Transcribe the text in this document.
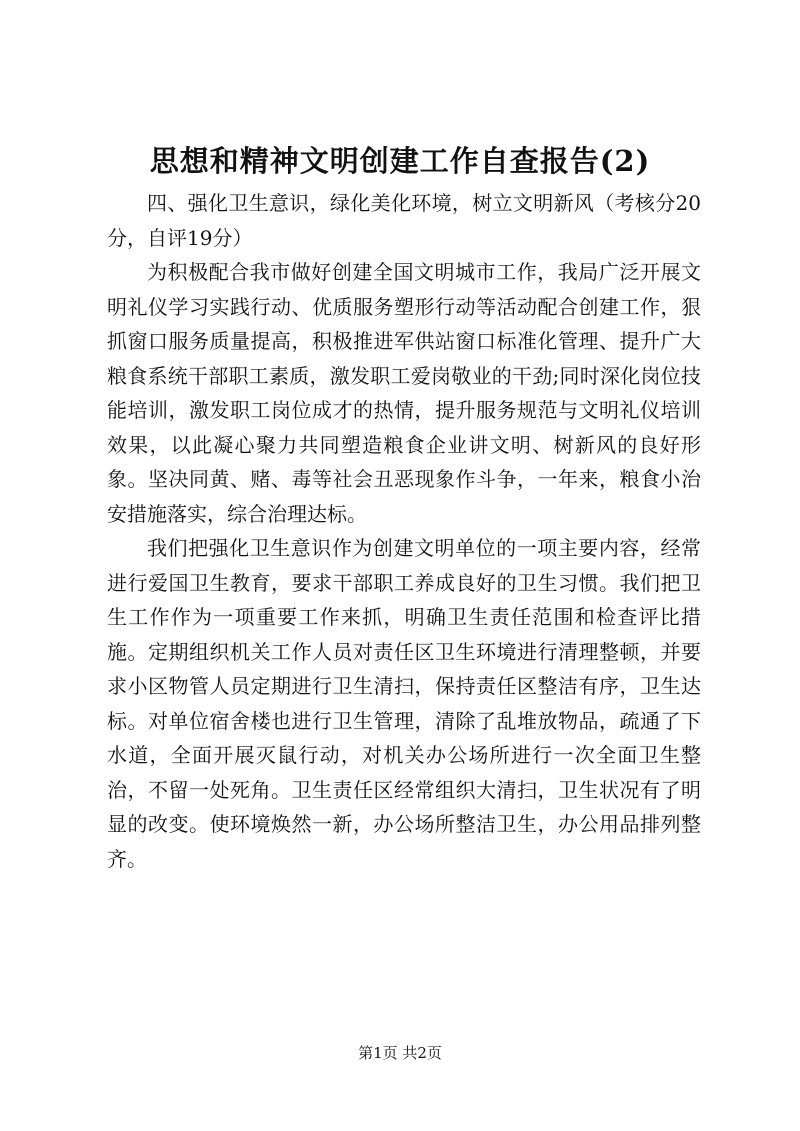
思想和精神文明创建工作自查报告(2)

四、强化卫生意识，绿化美化环境，树立文明新风（考核分20分，自评19分）

为积极配合我市做好创建全国文明城市工作，我局广泛开展文明礼仪学习实践行动、优质服务塑形行动等活动配合创建工作，狠抓窗口服务质量提高，积极推进军供站窗口标准化管理、提升广大粮食系统干部职工素质，激发职工爱岗敬业的干劲;同时深化岗位技能培训，激发职工岗位成才的热情，提升服务规范与文明礼仪培训效果，以此凝心聚力共同塑造粮食企业讲文明、树新风的良好形象。坚决同黄、赌、毒等社会丑恶现象作斗争，一年来，粮食小治安措施落实，综合治理达标。

我们把强化卫生意识作为创建文明单位的一项主要内容，经常进行爱国卫生教育，要求干部职工养成良好的卫生习惯。我们把卫生工作作为一项重要工作来抓，明确卫生责任范围和检查评比措施。定期组织机关工作人员对责任区卫生环境进行清理整顿，并要求小区物管人员定期进行卫生清扫，保持责任区整洁有序，卫生达标。对单位宿舍楼也进行卫生管理，清除了乱堆放物品，疏通了下水道，全面开展灭鼠行动，对机关办公场所进行一次全面卫生整治，不留一处死角。卫生责任区经常组织大清扫，卫生状况有了明显的改变。使环境焕然一新，办公场所整洁卫生，办公用品排列整齐。

第1页 共2页
